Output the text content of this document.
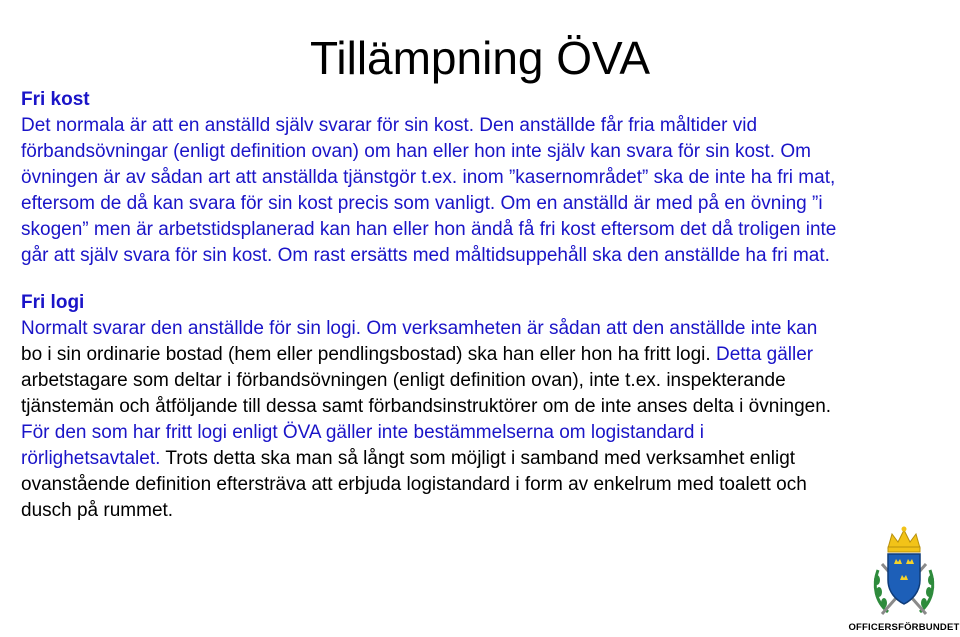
Tillämpning ÖVA

Fri kost

Det normala är att en anställd själv svarar för sin kost. Den anställde får fria måltider vid
förbandsövningar (enligt definition ovan) om han eller hon inte själv kan svara för sin kost. Om
övningen är av sådan art att anställda tjänstgör t.ex. inom ”kasernområdet” ska de inte ha fri mat,
eftersom de då kan svara för sin kost precis som vanligt. Om en anställd är med på en övning ”i
skogen” men är arbetstidsplanerad kan han eller hon ändå få fri kost eftersom det då troligen inte
går att själv svara för sin kost. Om rast ersätts med måltidsuppehåll ska den anställde ha fri mat.

Fri logi

Normalt svarar den anställde för sin logi. Om verksamheten är sådan att den anställde inte kan
bo i sin ordinarie bostad (hem eller pendlingsbostad) ska han eller hon ha fritt logi. Detta gäller
arbetstagare som deltar i förbandsövningen (enligt definition ovan), inte t.ex. inspekterande
tjänstemän och åtföljande till dessa samt förbandsinstruktörer om de inte anses delta i övningen.
För den som har fritt logi enligt ÖVA gäller inte bestämmelserna om logistandard i
rörlighetsavtalet. Trots detta ska man så långt som möjligt i samband med verksamhet enligt
ovanstående definition eftersträva att erbjuda logistandard i form av enkelrum med toalett och
dusch på rummet.
OFFICERSFÖRBUNDET
